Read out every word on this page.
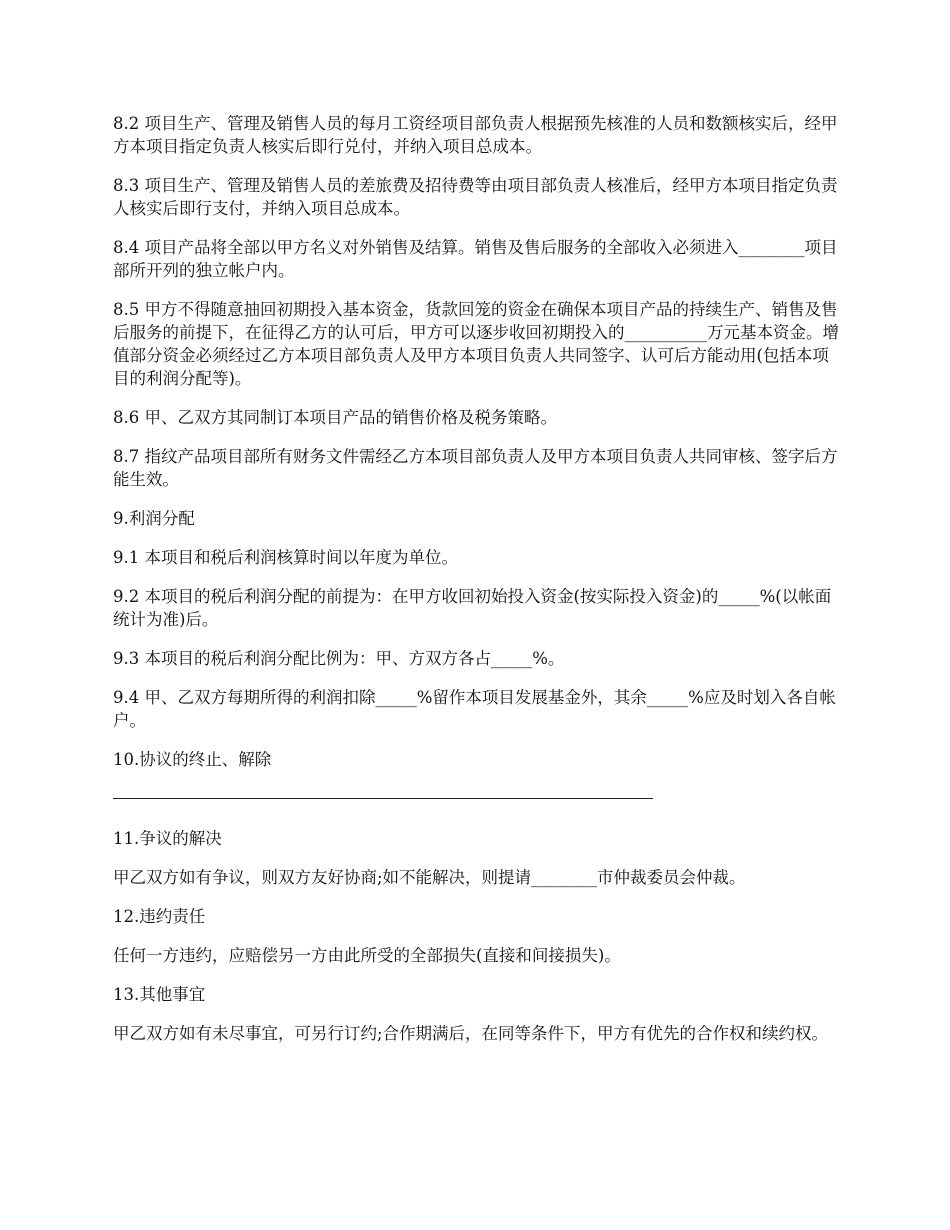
8.2 项目生产、管理及销售人员的每月工资经项目部负责人根据预先核准的人员和数额核实后，经甲方本项目指定负责人核实后即行兑付，并纳入项目总成本。

8.3 项目生产、管理及销售人员的差旅费及招待费等由项目部负责人核准后，经甲方本项目指定负责人核实后即行支付，并纳入项目总成本。

8.4 项目产品将全部以甲方名义对外销售及结算。销售及售后服务的全部收入必须进入________项目部所开列的独立帐户内。

8.5 甲方不得随意抽回初期投入基本资金，货款回笼的资金在确保本项目产品的持续生产、销售及售后服务的前提下，在征得乙方的认可后，甲方可以逐步收回初期投入的__________万元基本资金。增值部分资金必须经过乙方本项目部负责人及甲方本项目负责人共同签字、认可后方能动用(包括本项目的利润分配等)。

8.6 甲、乙双方其同制订本项目产品的销售价格及税务策略。

8.7 指纹产品项目部所有财务文件需经乙方本项目部负责人及甲方本项目负责人共同审核、签字后方能生效。

9.利润分配

9.1 本项目和税后利润核算时间以年度为单位。

9.2 本项目的税后利润分配的前提为：在甲方收回初始投入资金(按实际投入资金)的_____%(以帐面统计为准)后。

9.3 本项目的税后利润分配比例为：甲、方双方各占_____%。

9.4 甲、乙双方每期所得的利润扣除_____%留作本项目发展基金外，其余_____%应及时划入各自帐户。

10.协议的终止、解除

11.争议的解决

甲乙双方如有争议，则双方友好协商;如不能解决，则提请________市仲裁委员会仲裁。

12.违约责任

任何一方违约，应赔偿另一方由此所受的全部损失(直接和间接损失)。

13.其他事宜

甲乙双方如有未尽事宜，可另行订约;合作期满后，在同等条件下，甲方有优先的合作权和续约权。
